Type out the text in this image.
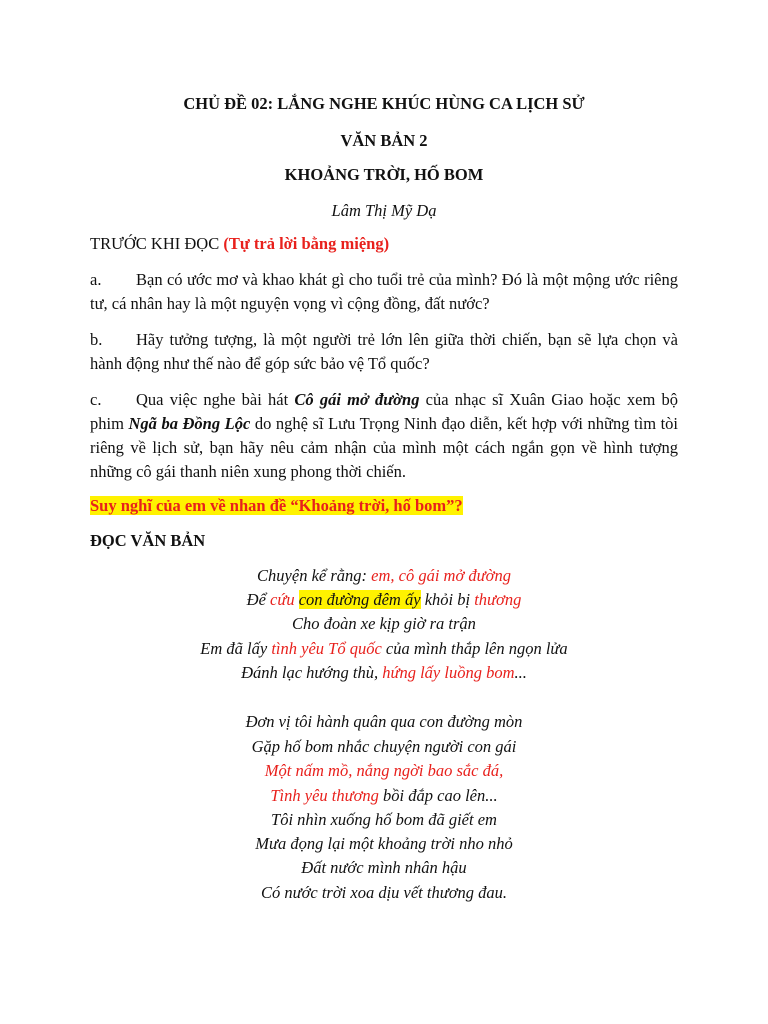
CHỦ ĐỀ 02: LẮNG NGHE KHÚC HÙNG CA LỊCH SỬ
VĂN BẢN 2
KHOẢNG TRỜI, HỐ BOM
Lâm Thị Mỹ Dạ
TRƯỚC KHI ĐỌC (Tự trả lời bằng miệng)
a. Bạn có ước mơ và khao khát gì cho tuổi trẻ của mình? Đó là một mộng ước riêng tư, cá nhân hay là một nguyện vọng vì cộng đồng, đất nước?
b. Hãy tưởng tượng, là một người trẻ lớn lên giữa thời chiến, bạn sẽ lựa chọn và hành động như thế nào để góp sức bảo vệ Tổ quốc?
c. Qua việc nghe bài hát Cô gái mở đường của nhạc sĩ Xuân Giao hoặc xem bộ phim Ngã ba Đồng Lộc do nghệ sĩ Lưu Trọng Ninh đạo diễn, kết hợp với những tìm tòi riêng về lịch sử, bạn hãy nêu cảm nhận của mình một cách ngắn gọn về hình tượng những cô gái thanh niên xung phong thời chiến.
Suy nghĩ của em về nhan đề “Khoảng trời, hố bom”?
ĐỌC VĂN BẢN
Chuyện kể rằng: em, cô gái mở đường
Để cứu con đường đêm ấy khỏi bị thương
Cho đoàn xe kịp giờ ra trận
Em đã lấy tình yêu Tổ quốc của mình thắp lên ngọn lửa
Đánh lạc hướng thù, hứng lấy luồng bom...
Đơn vị tôi hành quân qua con đường mòn
Gặp hố bom nhắc chuyện người con gái
Một nấm mồ, nắng ngời bao sắc đá,
Tình yêu thương bồi đắp cao lên...
Tôi nhìn xuống hố bom đã giết em
Mưa đọng lại một khoảng trời nho nhỏ
Đất nước mình nhân hậu
Có nước trời xoa dịu vết thương đau.
